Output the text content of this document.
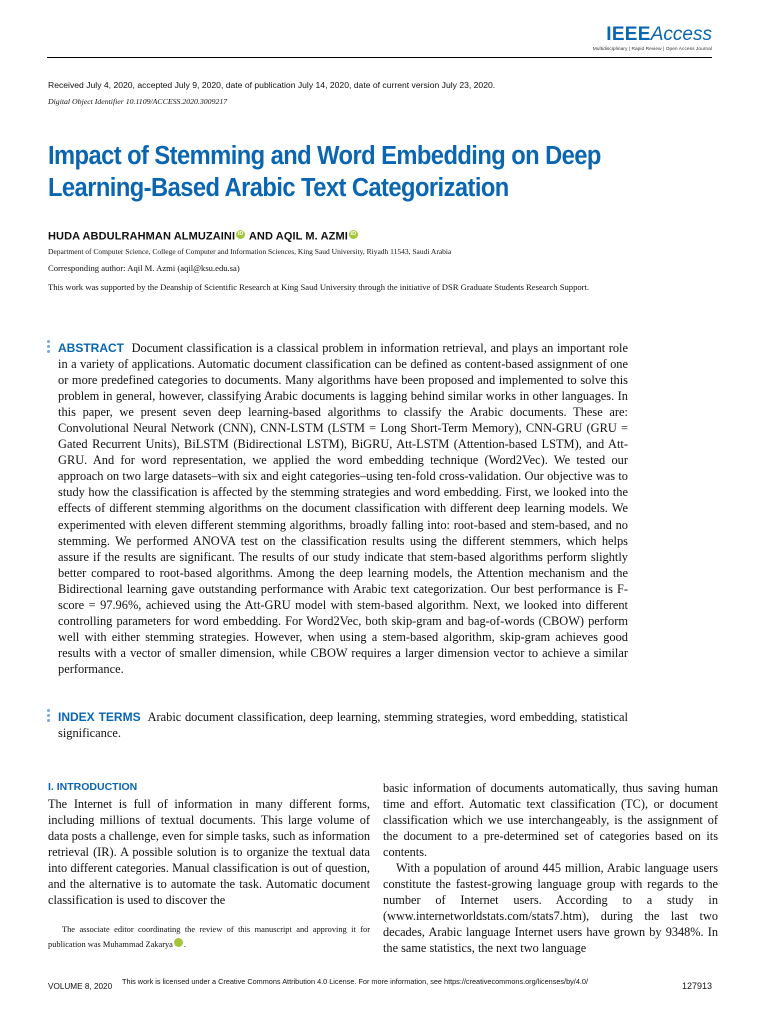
IEEEAccess
Multidisciplinary | Rapid Review | Open Access Journal
Received July 4, 2020, accepted July 9, 2020, date of publication July 14, 2020, date of current version July 23, 2020.
Digital Object Identifier 10.1109/ACCESS.2020.3009217
Impact of Stemming and Word Embedding on Deep Learning-Based Arabic Text Categorization
HUDA ABDULRAHMAN ALMUZAINI iD AND AQIL M. AZMI iD
Department of Computer Science, College of Computer and Information Sciences, King Saud University, Riyadh 11543, Saudi Arabia
Corresponding author: Aqil M. Azmi (aqil@ksu.edu.sa)
This work was supported by the Deanship of Scientific Research at King Saud University through the initiative of DSR Graduate Students Research Support.
ABSTRACT Document classification is a classical problem in information retrieval, and plays an important role in a variety of applications. Automatic document classification can be defined as content-based assignment of one or more predefined categories to documents. Many algorithms have been proposed and implemented to solve this problem in general, however, classifying Arabic documents is lagging behind similar works in other languages. In this paper, we present seven deep learning-based algorithms to classify the Arabic documents. These are: Convolutional Neural Network (CNN), CNN-LSTM (LSTM = Long Short-Term Memory), CNN-GRU (GRU = Gated Recurrent Units), BiLSTM (Bidirectional LSTM), BiGRU, Att-LSTM (Attention-based LSTM), and Att-GRU. And for word representation, we applied the word embedding technique (Word2Vec). We tested our approach on two large datasets–with six and eight categories–using ten-fold cross-validation. Our objective was to study how the classification is affected by the stemming strategies and word embedding. First, we looked into the effects of different stemming algorithms on the document classification with different deep learning models. We experimented with eleven different stemming algorithms, broadly falling into: root-based and stem-based, and no stemming. We performed ANOVA test on the classification results using the different stemmers, which helps assure if the results are significant. The results of our study indicate that stem-based algorithms perform slightly better compared to root-based algorithms. Among the deep learning models, the Attention mechanism and the Bidirectional learning gave outstanding performance with Arabic text categorization. Our best performance is F-score = 97.96%, achieved using the Att-GRU model with stem-based algorithm. Next, we looked into different controlling parameters for word embedding. For Word2Vec, both skip-gram and bag-of-words (CBOW) perform well with either stemming strategies. However, when using a stem-based algorithm, skip-gram achieves good results with a vector of smaller dimension, while CBOW requires a larger dimension vector to achieve a similar performance.
INDEX TERMS Arabic document classification, deep learning, stemming strategies, word embedding, statistical significance.
I. INTRODUCTION
The Internet is full of information in many different forms, including millions of textual documents. This large volume of data posts a challenge, even for simple tasks, such as information retrieval (IR). A possible solution is to organize the textual data into different categories. Manual classification is out of question, and the alternative is to automate the task. Automatic document classification is used to discover the
The associate editor coordinating the review of this manuscript and approving it for publication was Muhammad Zakarya	iD.
basic information of documents automatically, thus saving human time and effort. Automatic text classification (TC), or document classification which we use interchangeably, is the assignment of the document to a pre-determined set of categories based on its contents.
With a population of around 445 million, Arabic language users constitute the fastest-growing language group with regards to the number of Internet users. According to a study in (www.internetworldstats.com/stats7.htm), during the last two decades, Arabic language Internet users have grown by 9348%. In the same statistics, the next two language
VOLUME 8, 2020
This work is licensed under a Creative Commons Attribution 4.0 License. For more information, see https://creativecommons.org/licenses/by/4.0/	127913
